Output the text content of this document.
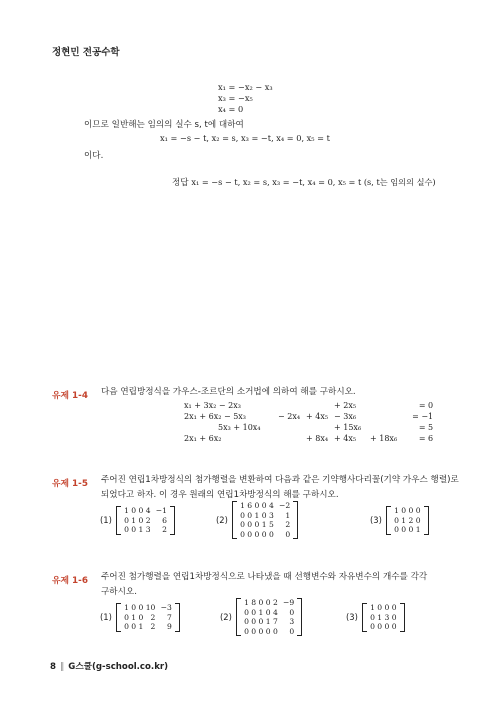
정현민 전공수학
x₁ = −x₂ − x₃
x₃ = −x₅
x₄ = 0
이므로 일반해는 임의의 실수 s, t에 대하여
x₁ = −s − t, x₂ = s, x₃ = −t, x₄ = 0, x₅ = t
이다.
정답 x₁ = −s − t, x₂ = s, x₃ = −t, x₄ = 0, x₅ = t (s, t는 임의의 실수)
유제 1-4 다음 연립방정식을 가우스-조르단의 소거법에 의하여 해를 구하시오.
x₁ + 3x₂ − 2x₃			+ 2x₅		= 0
2x₁ + 6x₂ − 5x₃	− 2x₄	+ 4x₅	− 3x₆		= −1
5x₃ + 10x₄			+ 15x₆		= 5
2x₁ + 6x₂		+ 8x₄	+ 4x₅	+ 18x₆	= 6
유제 1-5 주어진 연립1차방정식의 첨가행렬을 변환하여 다음과 같은 기약행사다리꼴(기약 가우스 행렬)로
되었다고 하자. 이 경우 원래의 연립1차방정식의 해를 구하시오.
(1)
1	0	0	4	−1
0	1	0	2	6
0	0	1	3	2
(2)
1	6	0	0	4	−2
0	0	1	0	3	1
0	0	0	1	5	2
0	0	0	0	0	0
(3)
1	0	0	0
0	1	2	0
0	0	0	1
유제 1-6 주어진 첨가행렬을 연립1차방정식으로 나타냈을 때 선행변수와 자유변수의 개수를 각각
구하시오.
(1)
1	0	0	10	−3
0	1	0	2	7
0	0	1	2	9
(2)
1	8	0	0	2	−9
0	0	1	0	4	0
0	0	0	1	7	3
0	0	0	0	0	0
(3)
1	0	0	0
0	1	3	0
0	0	0	0
8 ‖ G스쿨(g-school.co.kr)
